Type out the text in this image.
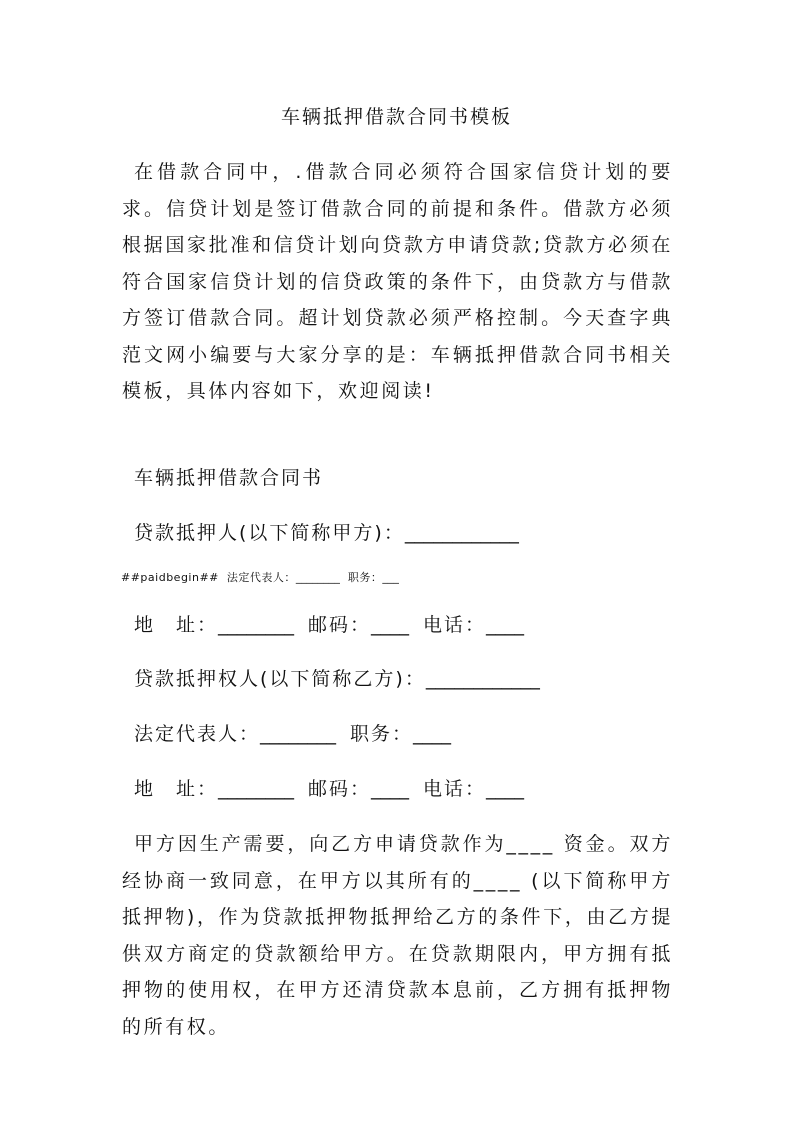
车辆抵押借款合同书模板

在借款合同中，.借款合同必须符合国家信贷计划的要求。信贷计划是签订借款合同的前提和条件。借款方必须根据国家批准和信贷计划向贷款方申请贷款;贷款方必须在符合国家信贷计划的信贷政策的条件下，由贷款方与借款方签订借款合同。超计划贷款必须严格控制。今天查字典范文网小编要与大家分享的是：车辆抵押借款合同书相关模板，具体内容如下，欢迎阅读!

车辆抵押借款合同书
贷款抵押人(以下简称甲方)：____________
##paidbegin## 法定代表人：________ 职务：___
地　址：________ 邮码：____ 电话：____
贷款抵押权人(以下简称乙方)：____________
法定代表人：________ 职务：____
地　址：________ 邮码：____ 电话：____

甲方因生产需要，向乙方申请贷款作为____ 资金。双方经协商一致同意，在甲方以其所有的____ (以下简称甲方抵押物)，作为贷款抵押物抵押给乙方的条件下，由乙方提供双方商定的贷款额给甲方。在贷款期限内，甲方拥有抵押物的使用权，在甲方还清贷款本息前，乙方拥有抵押物的所有权。
